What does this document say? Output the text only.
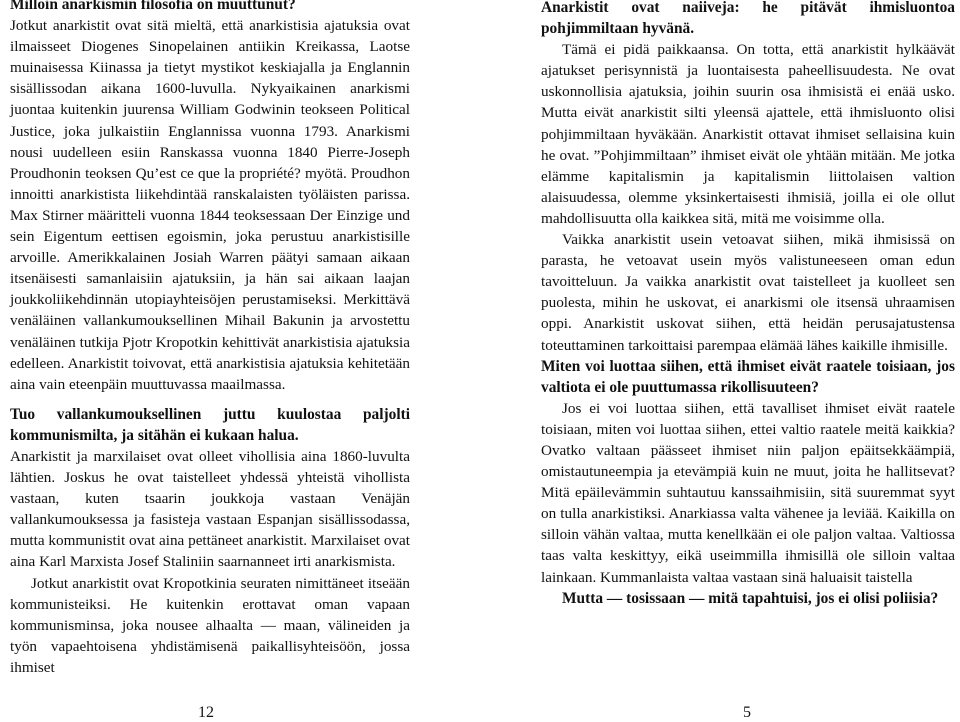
Milloin anarkismin filosofia on muuttunut?

Jotkut anarkistit ovat sitä mieltä, että anarkistisia ajatuksia ovat ilmaisseet Diogenes Sinopelainen antiikin Kreikassa, Laotse muinaisessa Kiinassa ja tietyt mystikot keskiajalla ja Englannin sisällissodan aikana 1600-luvulla. Nykyaikainen anarkismi juontaa kuitenkin juurensa William Godwinin teokseen Political Justice, joka julkaistiin Englannissa vuonna 1793. Anarkismi nousi uudelleen esiin Ranskassa vuonna 1840 Pierre-Joseph Proudhonin teoksen Qu’est ce que la propriété? myötä. Proudhon innoitti anarkistista liikehdintää ranskalaisten työläisten parissa. Max Stirner määritteli vuonna 1844 teoksessaan Der Einzige und sein Eigentum eettisen egoismin, joka perustuu anarkistisille arvoille. Amerikkalainen Josiah Warren päätyi samaan aikaan itsenäisesti samanlaisiin ajatuksiin, ja hän sai aikaan laajan joukkoliikehdinnän utopiayhteisöjen perustamiseksi. Merkittävä venäläinen vallankumouksellinen Mihail Bakunin ja arvostettu venäläinen tutkija Pjotr Kropotkin kehittivät anarkistisia ajatuksia edelleen. Anarkistit toivovat, että anarkistisia ajatuksia kehitetään aina vain eteenpäin muuttuvassa maailmassa.

Tuo vallankumouksellinen juttu kuulostaa paljolti kommunismilta, ja sitähän ei kukaan halua.

Anarkistit ja marxilaiset ovat olleet vihollisia aina 1860-luvulta lähtien. Joskus he ovat taistelleet yhdessä yhteistä vihollista vastaan, kuten tsaarin joukkoja vastaan Venäjän vallankumouksessa ja fasisteja vastaan Espanjan sisällissodassa, mutta kommunistit ovat aina pettäneet anarkistit. Marxilaiset ovat aina Karl Marxista Josef Staliniin saarnanneet irti anarkismista.

Jotkut anarkistit ovat Kropotkinia seuraten nimittäneet itseään kommunisteiksi. He kuitenkin erottavat oman vapaan kommunisminsa, joka nousee alhaalta — maan, välineiden ja työn vapaehtoisena yhdistämisenä paikallisyhteisöön, jossa ihmiset

Anarkistit ovat naiiveja: he pitävät ihmisluontoa pohjimmiltaan hyvänä.

Tämä ei pidä paikkaansa. On totta, että anarkistit hylkäävät ajatukset perisynnistä ja luontaisesta paheellisuudesta. Ne ovat uskonnollisia ajatuksia, joihin suurin osa ihmisistä ei enää usko. Mutta eivät anarkistit silti yleensä ajattele, että ihmisluonto olisi pohjimmiltaan hyväkään. Anarkistit ottavat ihmiset sellaisina kuin he ovat. ”Pohjimmiltaan” ihmiset eivät ole yhtään mitään. Me jotka elämme kapitalismin ja kapitalismin liittolaisen valtion alaisuudessa, olemme yksinkertaisesti ihmisiä, joilla ei ole ollut mahdollisuutta olla kaikkea sitä, mitä me voisimme olla.

Vaikka anarkistit usein vetoavat siihen, mikä ihmisissä on parasta, he vetoavat usein myös valistuneeseen oman edun tavoitteluun. Ja vaikka anarkistit ovat taistelleet ja kuolleet sen puolesta, mihin he uskovat, ei anarkismi ole itsensä uhraamisen oppi. Anarkistit uskovat siihen, että heidän perusajatustensa toteuttaminen tarkoittaisi parempaa elämää lähes kaikille ihmisille.

Miten voi luottaa siihen, että ihmiset eivät raatele toisiaan, jos valtiota ei ole puuttumassa rikollisuuteen?

Jos ei voi luottaa siihen, että tavalliset ihmiset eivät raatele toisiaan, miten voi luottaa siihen, ettei valtio raatele meitä kaikkia? Ovatko valtaan päässeet ihmiset niin paljon epäitsekkäämpiä, omistautuneempia ja etevämpiä kuin ne muut, joita he hallitsevat? Mitä epäilevämmin suhtautuu kanssaihmisiin, sitä suuremmat syyt on tulla anarkistiksi. Anarkiassa valta vähenee ja leviää. Kaikilla on silloin vähän valtaa, mutta kenellkään ei ole paljon valtaa. Valtiossa taas valta keskittyy, eikä useimmilla ihmisillä ole silloin valtaa lainkaan. Kummanlaista valtaa vastaan sinä haluaisit taistella

Mutta — tosissaan — mitä tapahtuisi, jos ei olisi poliisia?

12	5
